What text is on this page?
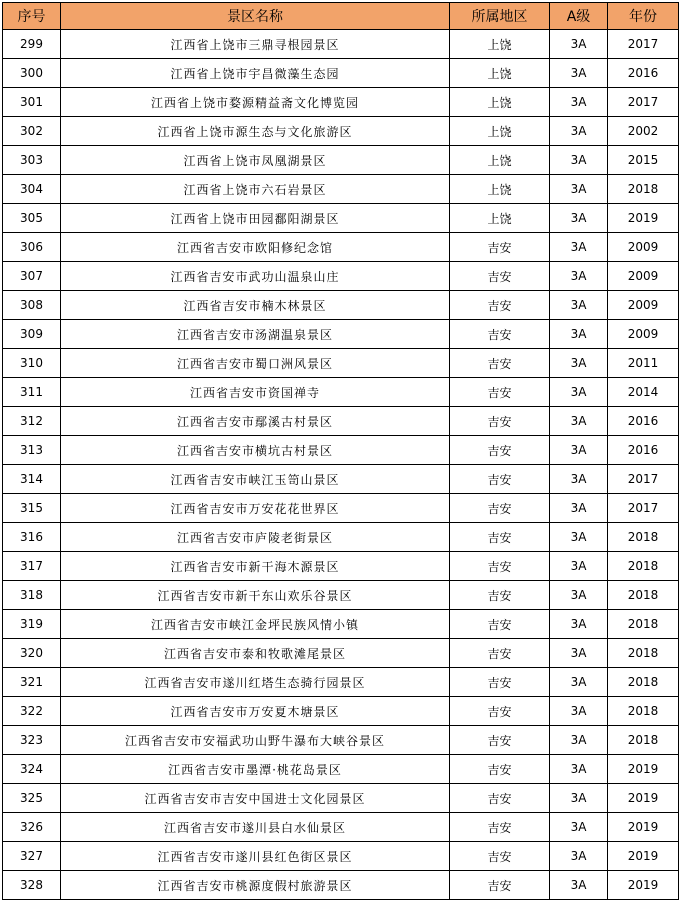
序号	景区名称	所属地区	A级	年份
299	江西省上饶市三鼎寻根园景区	上饶	3A	2017
300	江西省上饶市宇昌微藻生态园	上饶	3A	2016
301	江西省上饶市婺源精益斋文化博览园	上饶	3A	2017
302	江西省上饶市源生态与文化旅游区	上饶	3A	2002
303	江西省上饶市凤凰湖景区	上饶	3A	2015
304	江西省上饶市六石岩景区	上饶	3A	2018
305	江西省上饶市田园鄱阳湖景区	上饶	3A	2019
306	江西省吉安市欧阳修纪念馆	吉安	3A	2009
307	江西省吉安市武功山温泉山庄	吉安	3A	2009
308	江西省吉安市楠木林景区	吉安	3A	2009
309	江西省吉安市汤湖温泉景区	吉安	3A	2009
310	江西省吉安市蜀口洲风景区	吉安	3A	2011
311	江西省吉安市资国禅寺	吉安	3A	2014
312	江西省吉安市鄢溪古村景区	吉安	3A	2016
313	江西省吉安市横坑古村景区	吉安	3A	2016
314	江西省吉安市峡江玉笥山景区	吉安	3A	2017
315	江西省吉安市万安花花世界区	吉安	3A	2017
316	江西省吉安市庐陵老街景区	吉安	3A	2018
317	江西省吉安市新干海木源景区	吉安	3A	2018
318	江西省吉安市新干东山欢乐谷景区	吉安	3A	2018
319	江西省吉安市峡江金坪民族风情小镇	吉安	3A	2018
320	江西省吉安市泰和牧歌滩尾景区	吉安	3A	2018
321	江西省吉安市遂川红塔生态骑行园景区	吉安	3A	2018
322	江西省吉安市万安夏木塘景区	吉安	3A	2018
323	江西省吉安市安福武功山野牛瀑布大峡谷景区	吉安	3A	2018
324	江西省吉安市墨潭·桃花岛景区	吉安	3A	2019
325	江西省吉安市吉安中国进士文化园景区	吉安	3A	2019
326	江西省吉安市遂川县白水仙景区	吉安	3A	2019
327	江西省吉安市遂川县红色街区景区	吉安	3A	2019
328	江西省吉安市桃源度假村旅游景区	吉安	3A	2019
